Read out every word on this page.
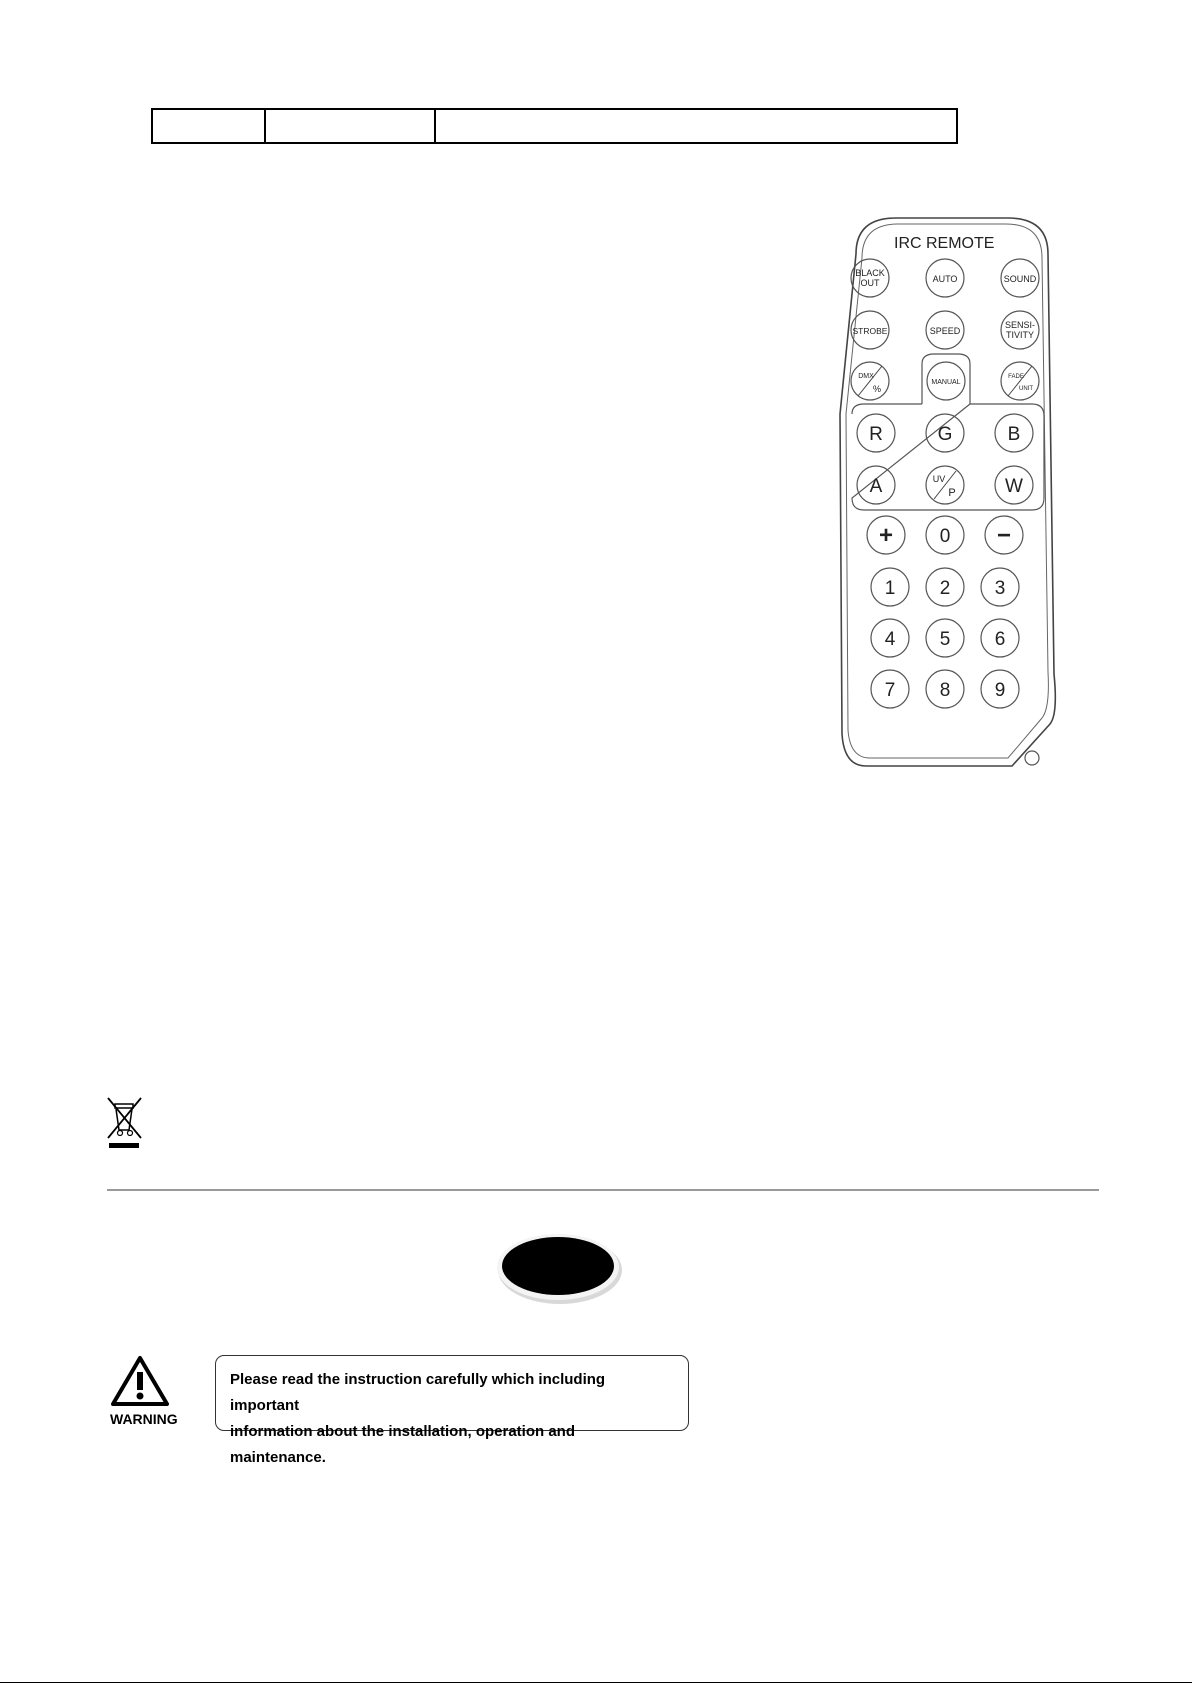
IRC REMOTE
BLACK
OUT	AUTO	SOUND
STROBE	SPEED
SENSI-
TIVITY
DMX
%
MANUAL
FADE
UNIT
R	G	B
A	UV
P	W
+ 0 −
1 2 3
4 5 6
7 8 9
WARNING
Please read the instruction carefully which including important
information about the installation, operation and maintenance.
